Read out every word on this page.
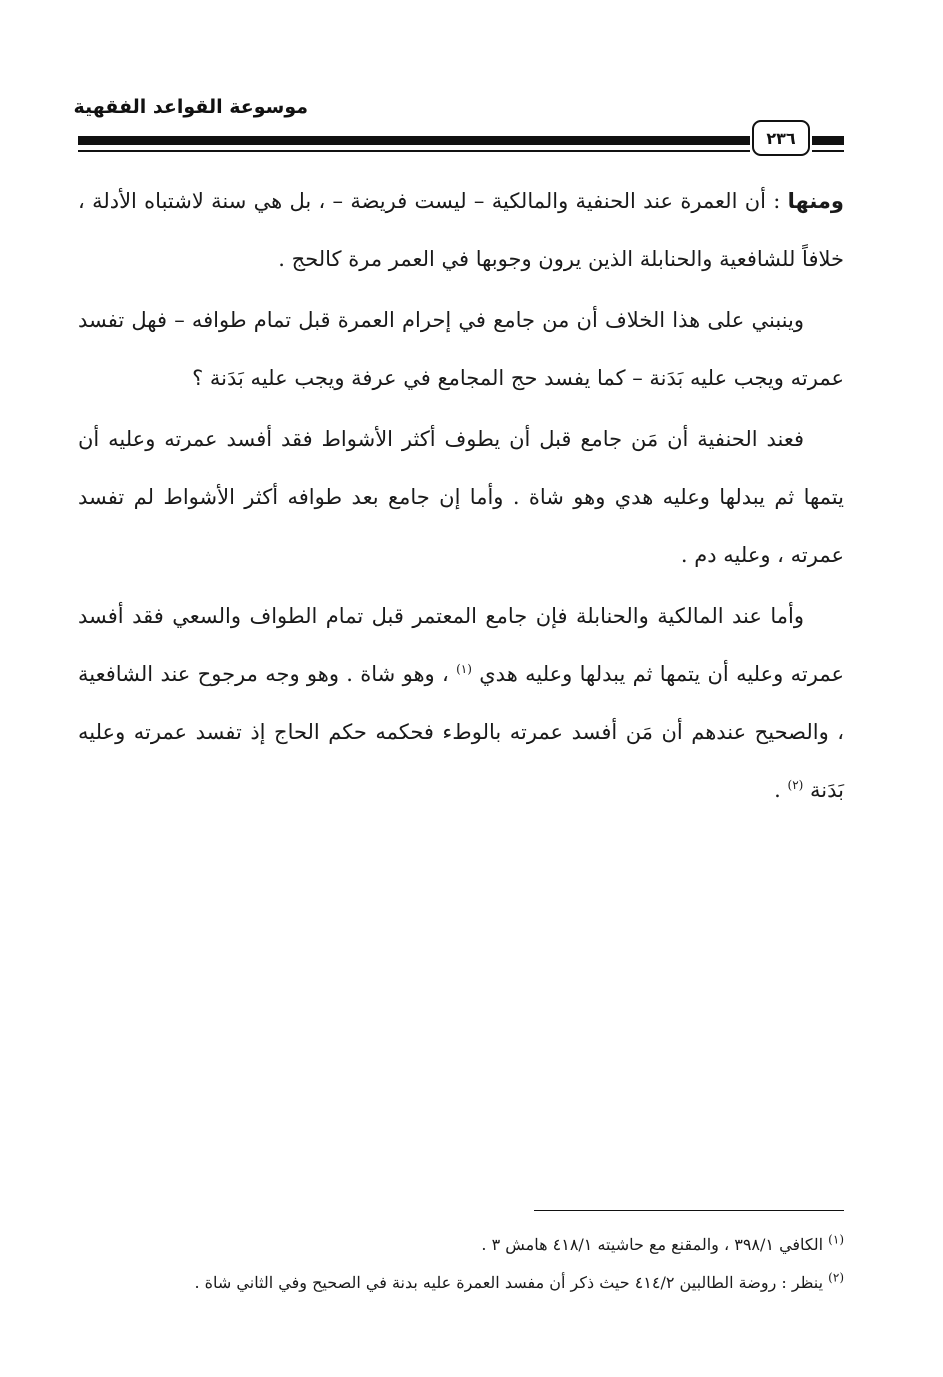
موسوعة القواعد الفقهية
٢٣٦

ومنها : أن العمرة عند الحنفية والمالكية – ليست فريضة – ، بل هي سنة لاشتباه الأدلة ، خلافاً للشافعية والحنابلة الذين يرون وجوبها في العمر مرة كالحج .

وينبني على هذا الخلاف أن من جامع في إحرام العمرة قبل تمام طوافه – فهل تفسد عمرته ويجب عليه بَدَنة – كما يفسد حج المجامع في عرفة ويجب عليه بَدَنة ؟

فعند الحنفية أن مَن جامع قبل أن يطوف أكثر الأشواط فقد أفسد عمرته وعليه أن يتمها ثم يبدلها وعليه هدي وهو شاة . وأما إن جامع بعد طوافه أكثر الأشواط لم تفسد عمرته ، وعليه دم .

وأما عند المالكية والحنابلة فإن جامع المعتمر قبل تمام الطواف والسعي فقد أفسد عمرته وعليه أن يتمها ثم يبدلها وعليه هدي $^{(١)}$ ، وهو شاة . وهو وجه مرجوح عند الشافعية ، والصحيح عندهم أن مَن أفسد عمرته بالوطء فحكمه حكم الحاج إذ تفسد عمرته وعليه بَدَنة $^{(٢)}$ .

$^{(١)}$ الكافي ٣٩٨/١ ، والمقنع مع حاشيته ٤١٨/١ هامش ٣ .

$^{(٢)}$ ينظر : روضة الطالبين ٤١٤/٢ حيث ذكر أن مفسد العمرة عليه بدنة في الصحيح وفي الثاني شاة .
